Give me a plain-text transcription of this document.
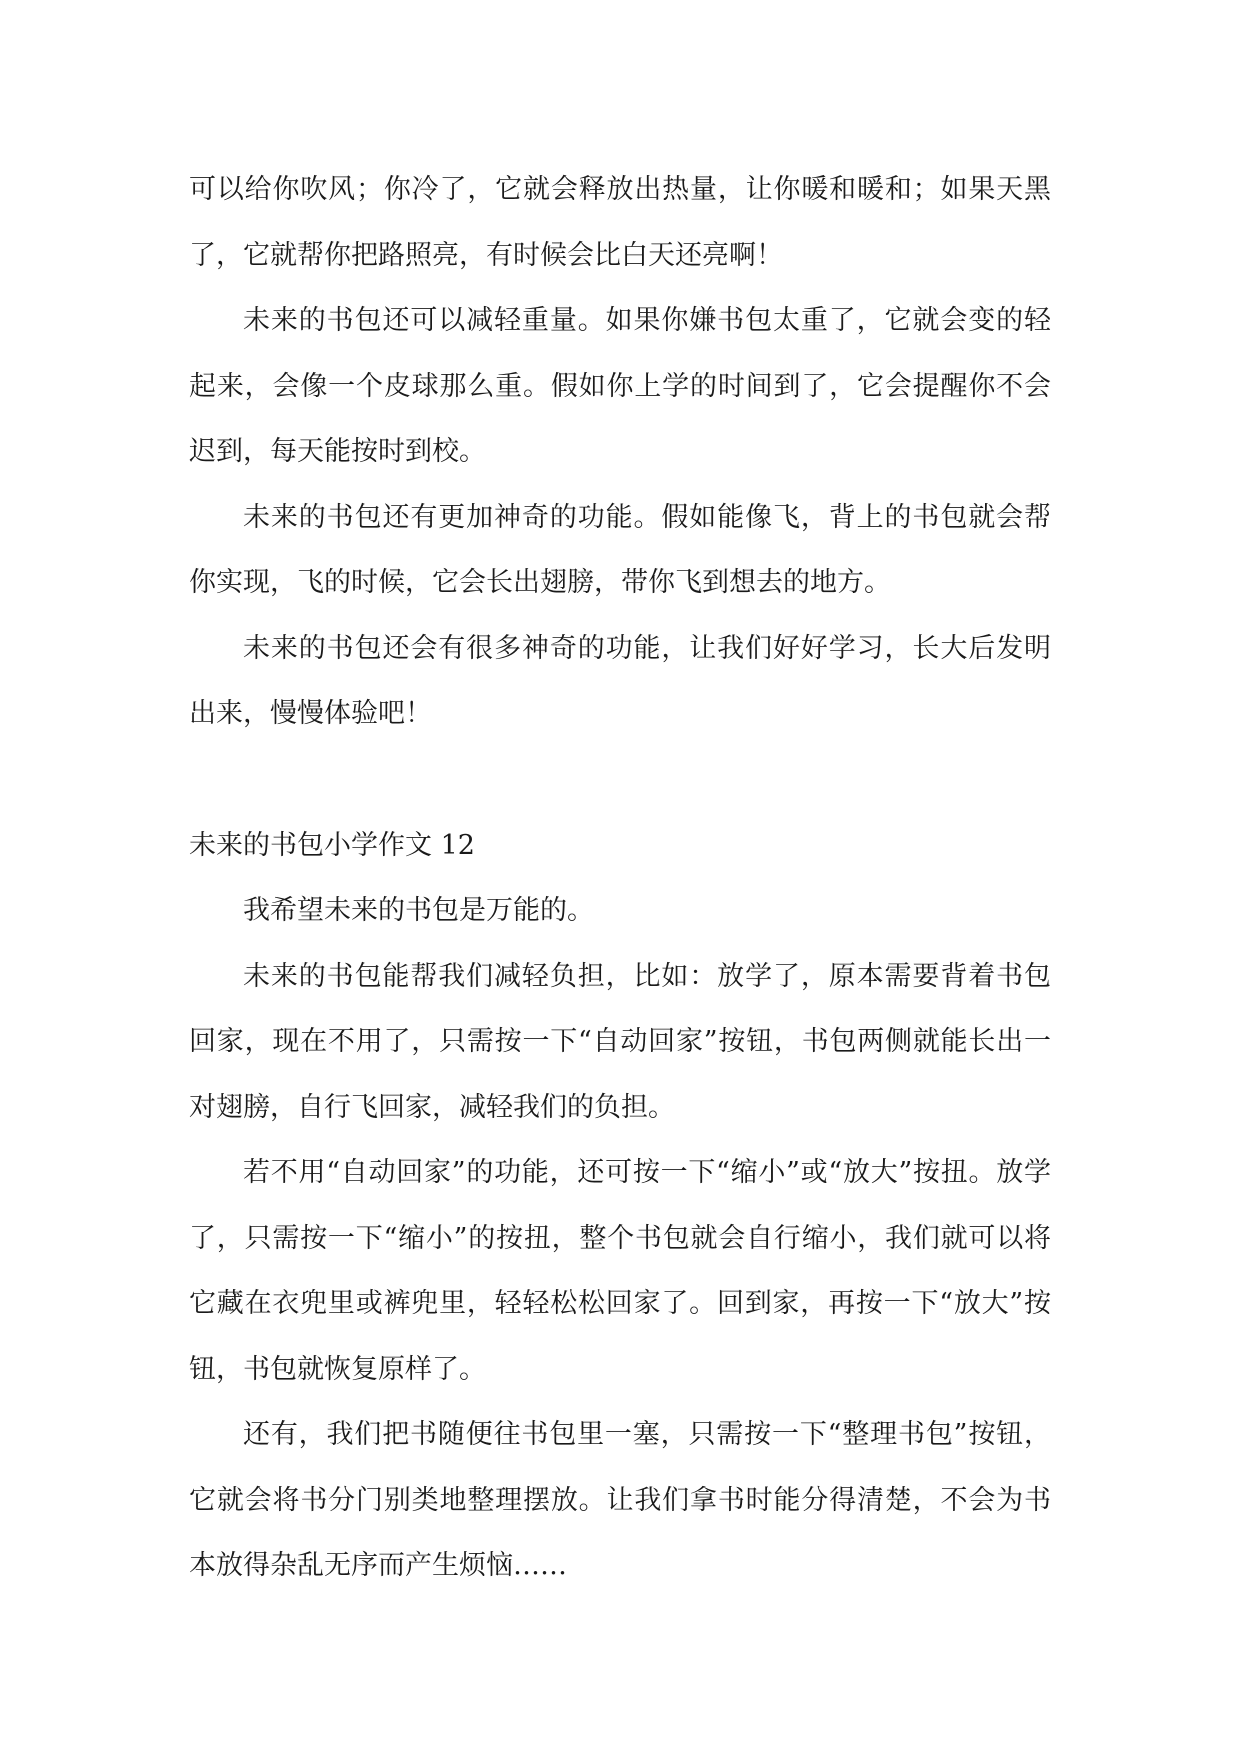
可以给你吹风；你冷了，它就会释放出热量，让你暖和暖和；如果天黑了，它就帮你把路照亮，有时候会比白天还亮啊！

未来的书包还可以减轻重量。如果你嫌书包太重了，它就会变的轻起来，会像一个皮球那么重。假如你上学的时间到了，它会提醒你不会迟到，每天能按时到校。

未来的书包还有更加神奇的功能。假如能像飞，背上的书包就会帮你实现，飞的时候，它会长出翅膀，带你飞到想去的地方。

未来的书包还会有很多神奇的功能，让我们好好学习，长大后发明出来，慢慢体验吧！

未来的书包小学作文 12

我希望未来的书包是万能的。

未来的书包能帮我们减轻负担，比如：放学了，原本需要背着书包回家，现在不用了，只需按一下“自动回家”按钮，书包两侧就能长出一对翅膀，自行飞回家，减轻我们的负担。

若不用“自动回家”的功能，还可按一下“缩小”或“放大”按扭。放学了，只需按一下“缩小”的按扭，整个书包就会自行缩小，我们就可以将它藏在衣兜里或裤兜里，轻轻松松回家了。回到家，再按一下“放大”按钮，书包就恢复原样了。

还有，我们把书随便往书包里一塞，只需按一下“整理书包”按钮，它就会将书分门别类地整理摆放。让我们拿书时能分得清楚，不会为书本放得杂乱无序而产生烦恼……
